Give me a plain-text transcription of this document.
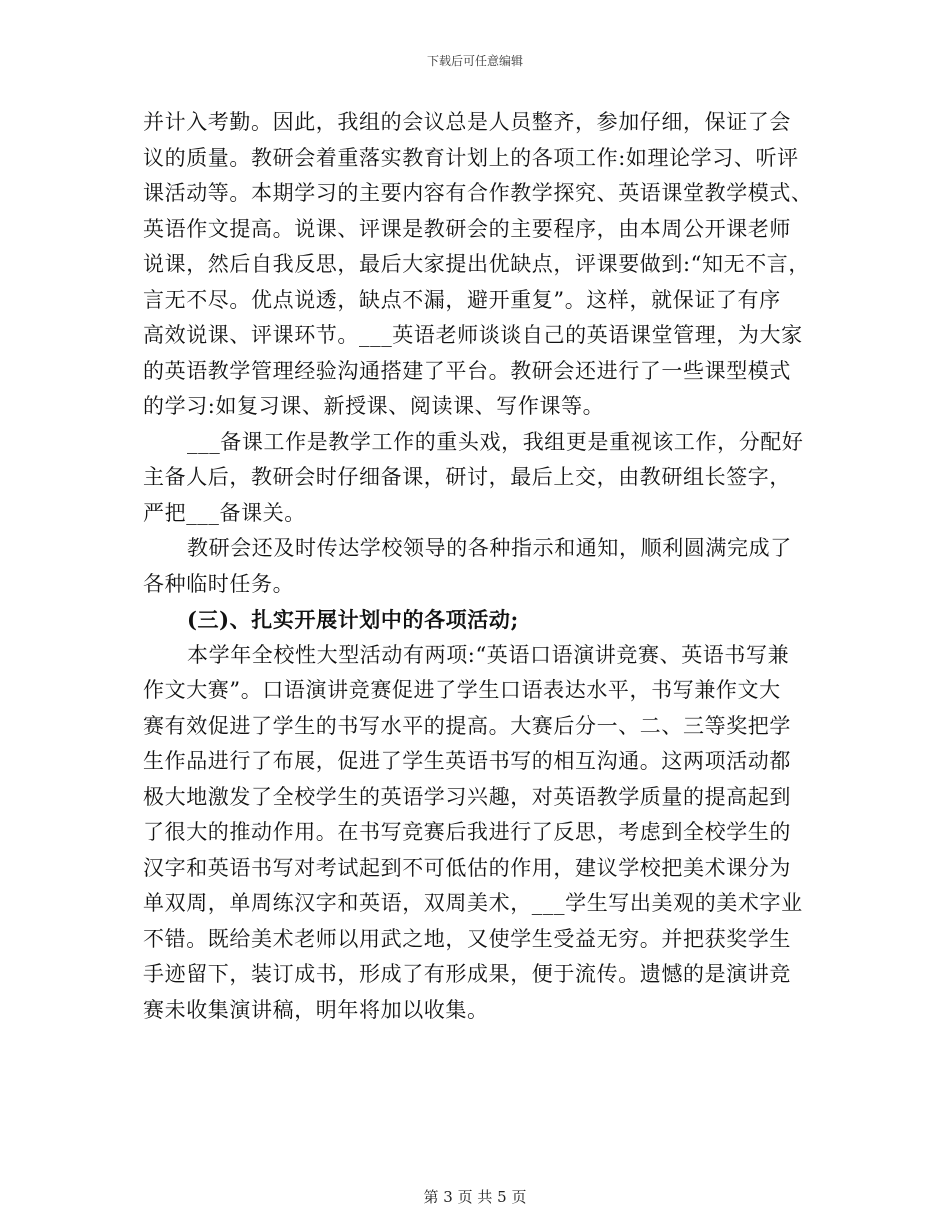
下载后可任意编辑
并计入考勤。因此，我组的会议总是人员整齐，参加仔细，保证了会
议的质量。教研会着重落实教育计划上的各项工作:如理论学习、听评
课活动等。本期学习的主要内容有合作教学探究、英语课堂教学模式、
英语作文提高。说课、评课是教研会的主要程序，由本周公开课老师
说课，然后自我反思，最后大家提出优缺点，评课要做到:“知无不言，
言无不尽。优点说透，缺点不漏，避开重复”。这样，就保证了有序
高效说课、评课环节。___英语老师谈谈自己的英语课堂管理，为大家
的英语教学管理经验沟通搭建了平台。教研会还进行了一些课型模式
的学习:如复习课、新授课、阅读课、写作课等。
___备课工作是教学工作的重头戏，我组更是重视该工作，分配好
主备人后，教研会时仔细备课，研讨，最后上交，由教研组长签字，
严把___备课关。
教研会还及时传达学校领导的各种指示和通知，顺利圆满完成了
各种临时任务。
(三)、扎实开展计划中的各项活动;
本学年全校性大型活动有两项:“英语口语演讲竞赛、英语书写兼
作文大赛”。口语演讲竞赛促进了学生口语表达水平，书写兼作文大
赛有效促进了学生的书写水平的提高。大赛后分一、二、三等奖把学
生作品进行了布展，促进了学生英语书写的相互沟通。这两项活动都
极大地激发了全校学生的英语学习兴趣，对英语教学质量的提高起到
了很大的推动作用。在书写竞赛后我进行了反思，考虑到全校学生的
汉字和英语书写对考试起到不可低估的作用，建议学校把美术课分为
单双周，单周练汉字和英语，双周美术，___学生写出美观的美术字业
不错。既给美术老师以用武之地，又使学生受益无穷。并把获奖学生
手迹留下，装订成书，形成了有形成果，便于流传。遗憾的是演讲竞
赛未收集演讲稿，明年将加以收集。
第 3 页 共 5 页
